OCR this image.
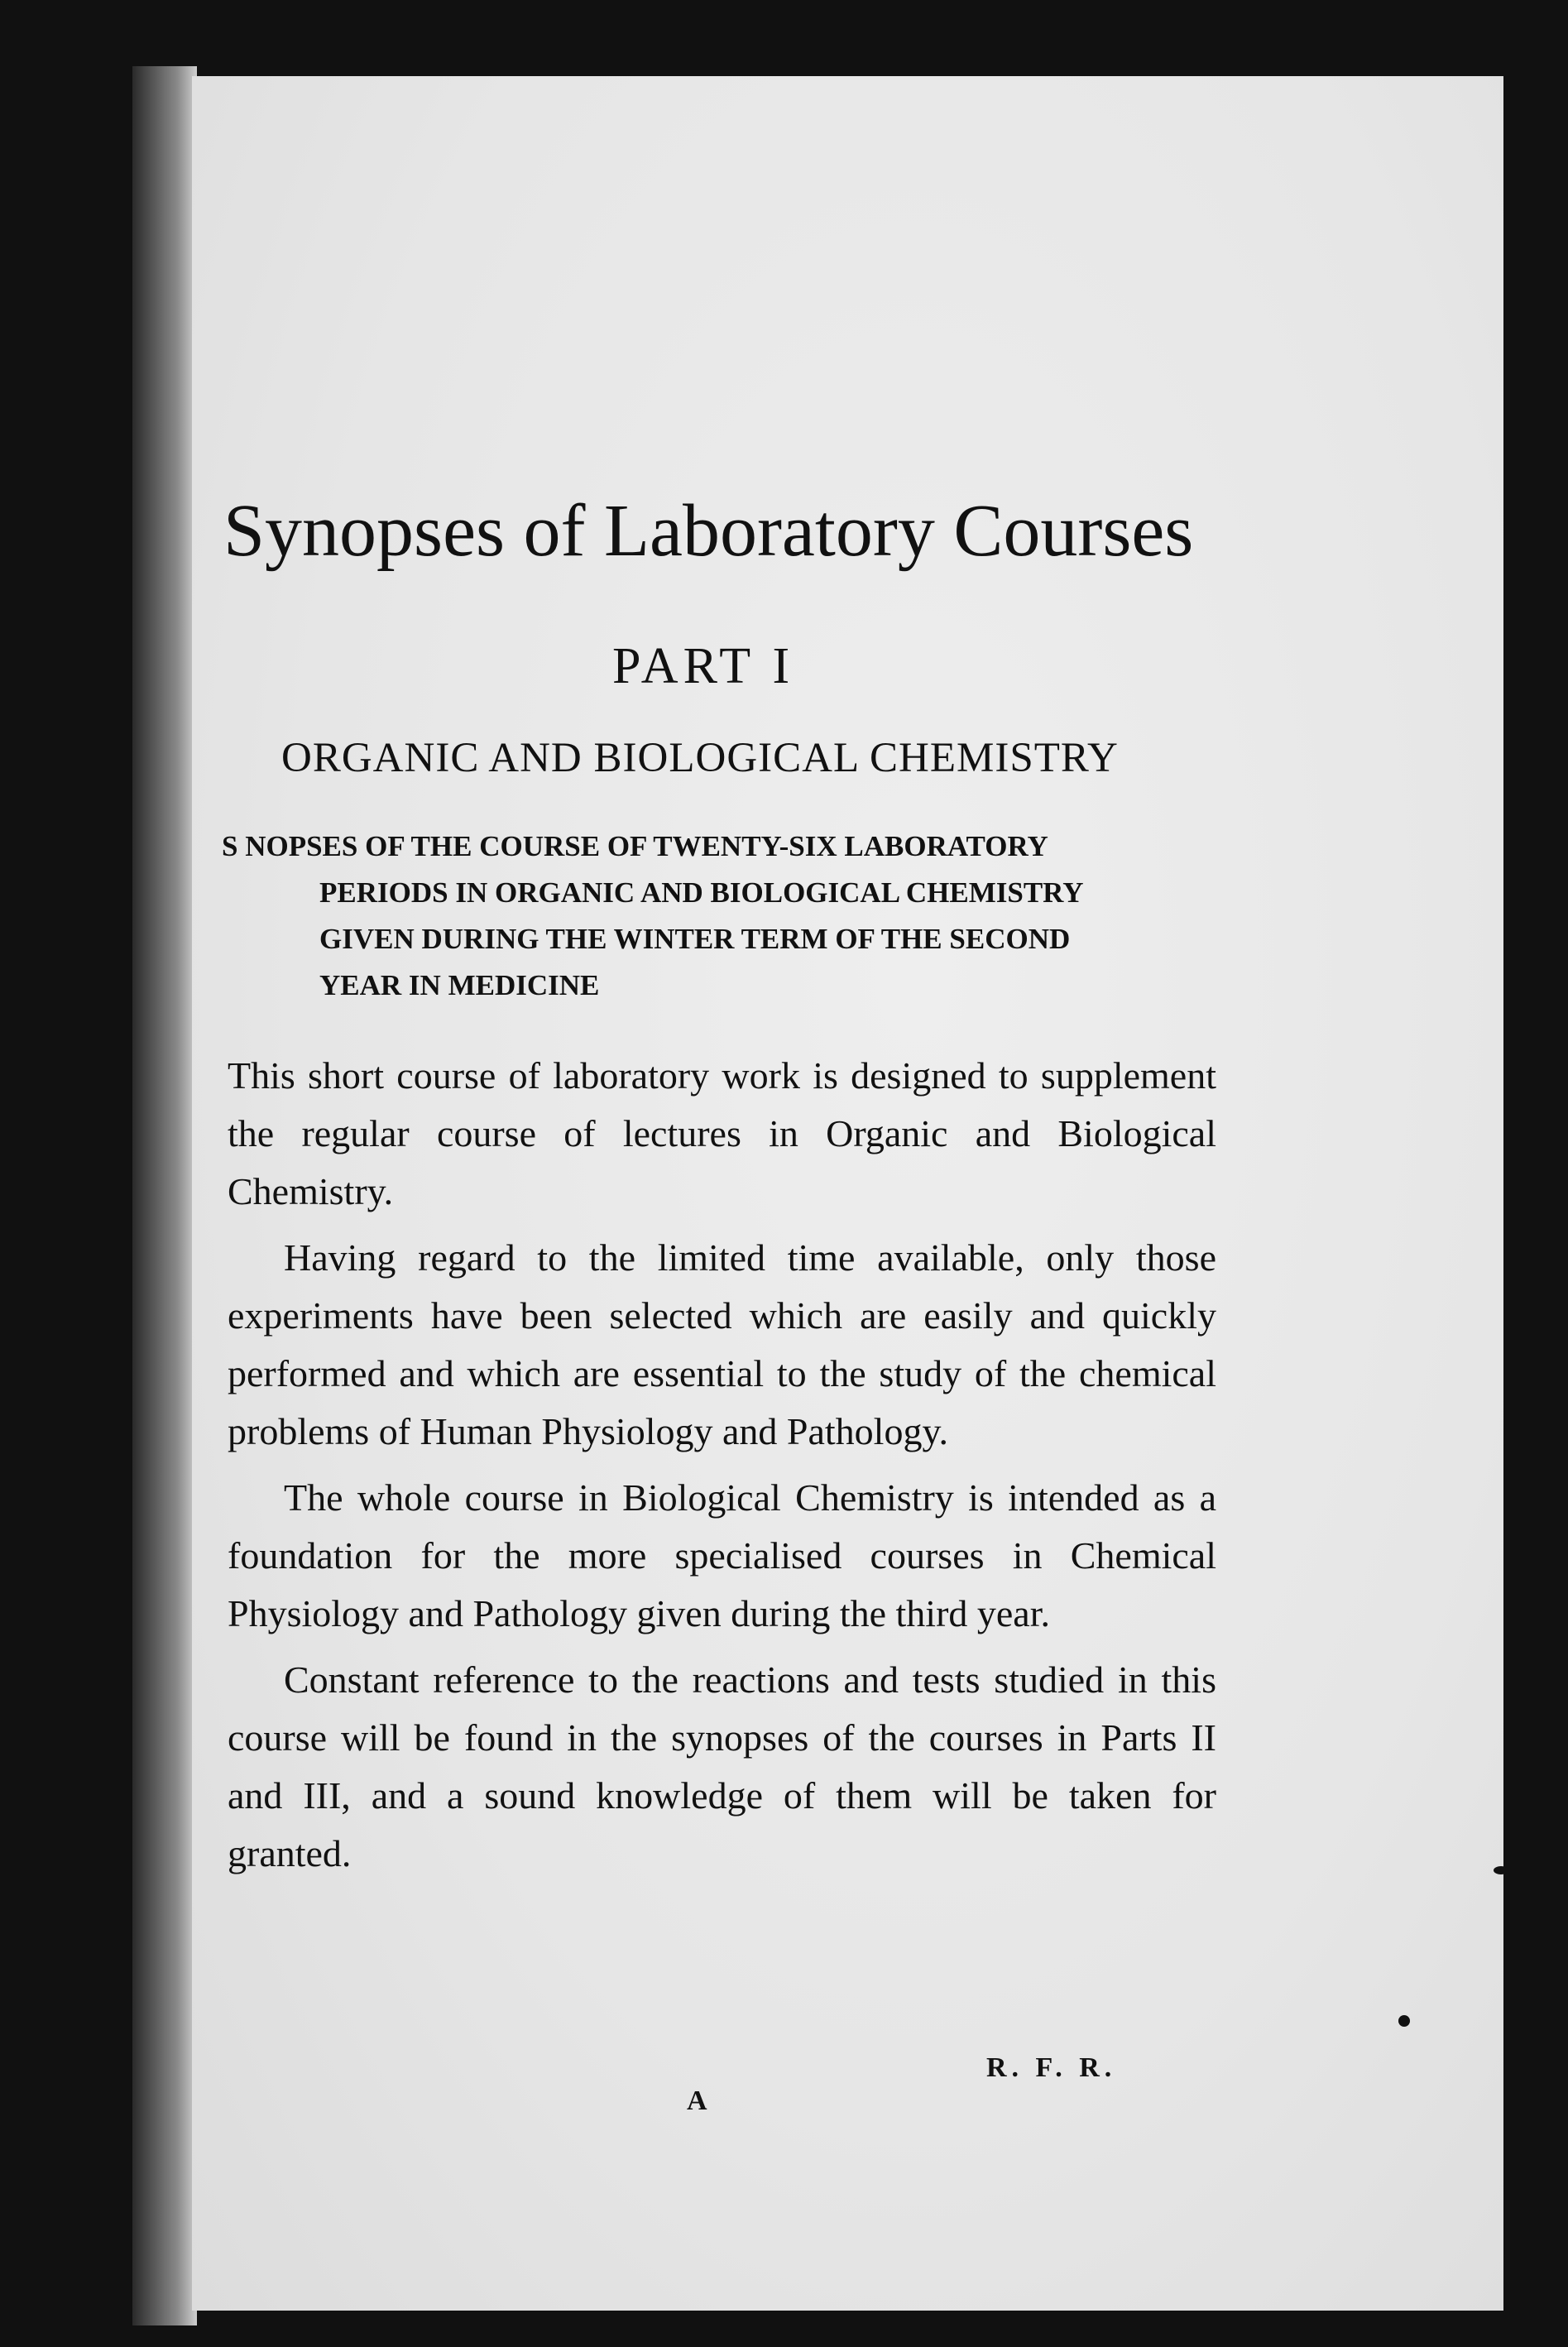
Synopses of Laboratory Courses
PART I
ORGANIC AND BIOLOGICAL CHEMISTRY
S NOPSES OF THE COURSE OF TWENTY-SIX LABORATORY
PERIODS IN ORGANIC AND BIOLOGICAL CHEMISTRY
GIVEN DURING THE WINTER TERM OF THE SECOND
YEAR IN MEDICINE

This short course of laboratory work is designed to supplement the regular course of lectures in Organic and Biological Chemistry.

Having regard to the limited time available, only those experiments have been selected which are easily and quickly performed and which are essential to the study of the chemical problems of Human Physiology and Pathology.

The whole course in Biological Chemistry is intended as a foundation for the more specialised courses in Chemical Physiology and Pathology given during the third year.

Constant reference to the reactions and tests studied in this course will be found in the synopses of the courses in Parts II and III, and a sound knowledge of them will be taken for granted.

R. F. R.
A
